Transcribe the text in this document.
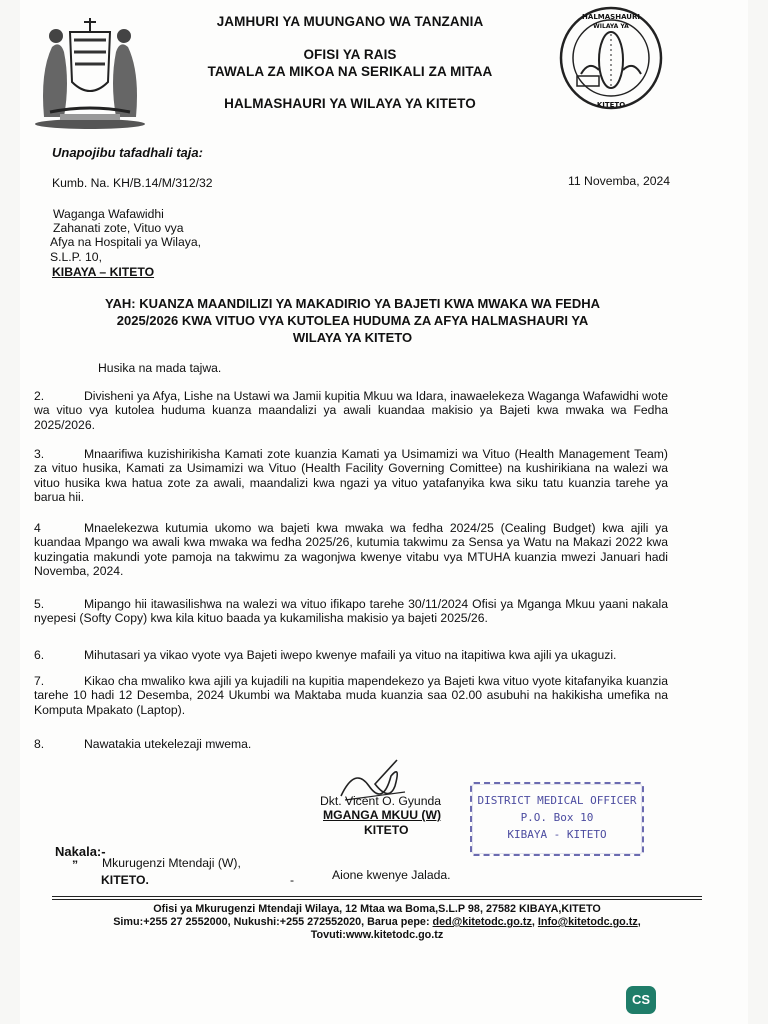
HALMASHAURI
WILAYA YA
KITETO
JAMHURI YA MUUNGANO WA TANZANIA
OFISI YA RAIS
TAWALA ZA MIKOA NA SERIKALI ZA MITAA
HALMASHAURI YA WILAYA YA KITETO
Unapojibu tafadhali taja:
Kumb. Na. KH/B.14/M/312/32	11 Novemba, 2024
Waganga Wafawidhi
Zahanati zote, Vituo vya
Afya na Hospitali ya Wilaya,
S.L.P. 10,
KIBAYA – KITETO
YAH: KUANZA MAANDILIZI YA MAKADIRIO YA BAJETI KWA MWAKA WA FEDHA
2025/2026 KWA VITUO VYA KUTOLEA HUDUMA ZA AFYA HALMASHAURI YA
WILAYA YA KITETO
Husika na mada tajwa.
2.	Divisheni ya Afya, Lishe na Ustawi wa Jamii kupitia Mkuu wa Idara, inawaelekeza Waganga Wafawidhi wote wa vituo vya kutolea huduma kuanza maandalizi ya awali kuandaa makisio ya Bajeti kwa mwaka wa Fedha 2025/2026.
3.	Mnaarifiwa kuzishirikisha Kamati zote kuanzia Kamati ya Usimamizi wa Vituo (Health Management Team) za vituo husika, Kamati za Usimamizi wa Vituo (Health Facility Governing Comittee) na kushirikiana na walezi wa vituo husika kwa hatua zote za awali, maandalizi kwa ngazi ya vituo yatafanyika kwa siku tatu kuanzia tarehe ya barua hii.
4	Mnaelekezwa kutumia ukomo wa bajeti kwa mwaka wa fedha 2024/25 (Cealing Budget) kwa ajili ya kuandaa Mpango wa awali kwa mwaka wa fedha 2025/26, kutumia takwimu za Sensa ya Watu na Makazi 2022 kwa kuzingatia makundi yote pamoja na takwimu za wagonjwa kwenye vitabu vya MTUHA kuanzia mwezi Januari hadi Novemba, 2024.
5.	Mipango hii itawasilishwa na walezi wa vituo ifikapo tarehe 30/11/2024 Ofisi ya Mganga Mkuu yaani nakala nyepesi (Softy Copy) kwa kila kituo baada ya kukamilisha makisio ya bajeti 2025/26.
6.	Mihutasari ya vikao vyote vya Bajeti iwepo kwenye mafaili ya vituo na itapitiwa kwa ajili ya ukaguzi.
7.	Kikao cha mwaliko kwa ajili ya kujadili na kupitia mapendekezo ya Bajeti kwa vituo vyote kitafanyika kuanzia tarehe 10 hadi 12 Desemba, 2024 Ukumbi wa Maktaba muda kuanzia saa 02.00 asubuhi na hakikisha umefika na Komputa Mpakato (Laptop).
8.	Nawatakia utekelezaji mwema.
Dkt. Vicent O. Gyunda
MGANGA MKUU (W)
KITETO
DISTRICT MEDICAL OFFICER
P.O. Box 10
KIBAYA - KITETO
Nakala:-
” Mkurugenzi Mtendaji (W),
KITETO.	-	Aione kwenye Jalada.
Ofisi ya Mkurugenzi Mtendaji Wilaya, 12 Mtaa wa Boma,S.L.P 98, 27582 KIBAYA,KITETO
Simu:+255 27 2552000, Nukushi:+255 272552020, Barua pepe: ded@kitetodc.go.tz, Info@kitetodc.go.tz,
Tovuti:www.kitetodc.go.tz
CS
